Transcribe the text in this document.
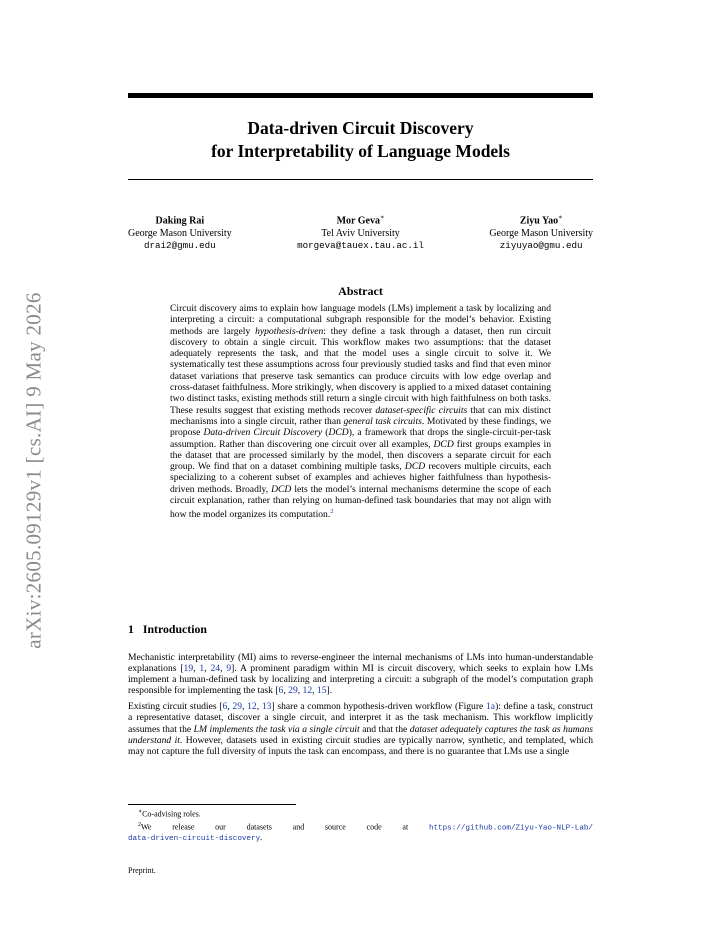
arXiv:2605.09129v1 [cs.AI] 9 May 2026
Data-driven Circuit Discovery
for Interpretability of Language Models
Daking Rai
George Mason University
drai2@gmu.edu
Mor Geva∗
Tel Aviv University
morgeva@tauex.tau.ac.il
Ziyu Yao∗
George Mason University
ziyuyao@gmu.edu
Abstract
Circuit discovery aims to explain how language models (LMs) implement a task by localizing and interpreting a circuit: a computational subgraph responsible for the model’s behavior. Existing methods are largely hypothesis-driven: they define a task through a dataset, then run circuit discovery to obtain a single circuit. This workflow makes two assumptions: that the dataset adequately represents the task, and that the model uses a single circuit to solve it. We systematically test these assumptions across four previously studied tasks and find that even minor dataset variations that preserve task semantics can produce circuits with low edge overlap and cross-dataset faithfulness. More strikingly, when discovery is applied to a mixed dataset containing two distinct tasks, existing methods still return a single circuit with high faithfulness on both tasks. These results suggest that existing methods recover dataset-specific circuits that can mix distinct mechanisms into a single circuit, rather than general task circuits. Motivated by these findings, we propose Data-driven Circuit Discovery (DCD), a framework that drops the single-circuit-per-task assumption. Rather than discovering one circuit over all examples, DCD first groups examples in the dataset that are processed similarly by the model, then discovers a separate circuit for each group. We find that on a dataset combining multiple tasks, DCD recovers multiple circuits, each specializing to a coherent subset of examples and achieves higher faithfulness than hypothesis-driven methods. Broadly, DCD lets the model’s internal mechanisms determine the scope of each circuit explanation, rather than relying on human-defined task boundaries that may not align with how the model organizes its computation.$^2$
1 Introduction

Mechanistic interpretability (MI) aims to reverse-engineer the internal mechanisms of LMs into human-understandable explanations [19, 1, 24, 9]. A prominent paradigm within MI is circuit discovery, which seeks to explain how LMs implement a human-defined task by localizing and interpreting a circuit: a subgraph of the model’s computation graph responsible for implementing the task [6, 29, 12, 15].

Existing circuit studies [6, 29, 12, 13] share a common hypothesis-driven workflow (Figure 1a): define a task, construct a representative dataset, discover a single circuit, and interpret it as the task mechanism. This workflow implicitly assumes that the LM implements the task via a single circuit and that the dataset adequately captures the task as humans understand it. However, datasets used in existing circuit studies are typically narrow, synthetic, and templated, which may not capture the full diversity of inputs the task can encompass, and there is no guarantee that LMs use a single

∗Co-advising roles.
$^2$We release our datasets and source code at https://github.com/Ziyu-Yao-NLP-Lab/
data-driven-circuit-discovery.
Preprint.
